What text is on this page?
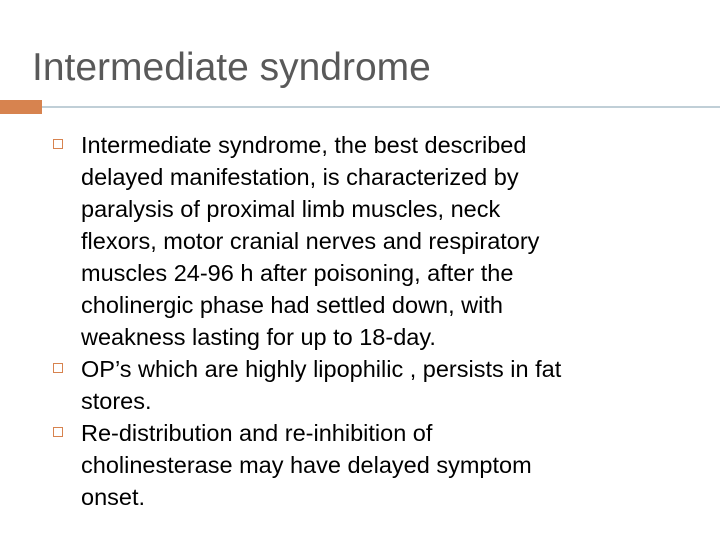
Intermediate syndrome
Intermediate syndrome, the best described
delayed manifestation, is characterized by
paralysis of proximal limb muscles, neck
flexors, motor cranial nerves and respiratory
muscles 24-96 h after poisoning, after the
cholinergic phase had settled down, with
weakness lasting for up to 18-day.
OP’s which are highly lipophilic , persists in fat
stores.
Re-distribution and re-inhibition of
cholinesterase may have delayed symptom
onset.
